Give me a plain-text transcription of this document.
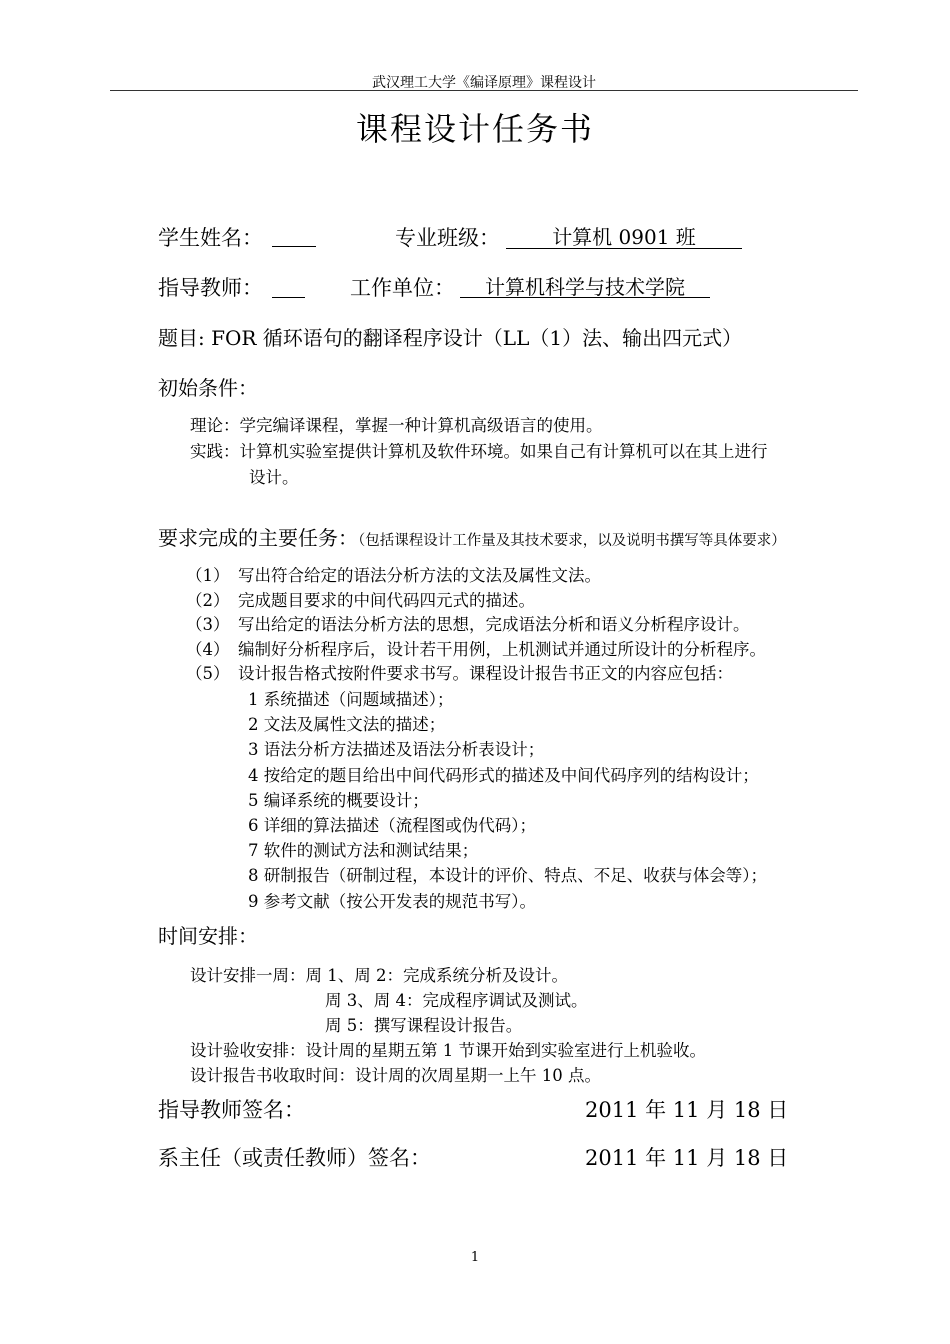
武汉理工大学《编译原理》课程设计
课程设计任务书
学生姓名：	专业班级：	计算机 0901 班
指导教师：	工作单位：	计算机科学与技术学院
题目: FOR 循环语句的翻译程序设计（LL（1）法、输出四元式）
初始条件：
理论：学完编译课程，掌握一种计算机高级语言的使用。
实践：计算机实验室提供计算机及软件环境。如果自己有计算机可以在其上进行
设计。
要求完成的主要任务：（包括课程设计工作量及其技术要求，以及说明书撰写等具体要求）
（1） 写出符合给定的语法分析方法的文法及属性文法。
（2） 完成题目要求的中间代码四元式的描述。
（3） 写出给定的语法分析方法的思想，完成语法分析和语义分析程序设计。
（4） 编制好分析程序后，设计若干用例，上机测试并通过所设计的分析程序。
（5） 设计报告格式按附件要求书写。课程设计报告书正文的内容应包括：
1 系统描述（问题域描述）；
2 文法及属性文法的描述；
3 语法分析方法描述及语法分析表设计；
4 按给定的题目给出中间代码形式的描述及中间代码序列的结构设计；
5 编译系统的概要设计；
6 详细的算法描述（流程图或伪代码）；
7 软件的测试方法和测试结果；
8 研制报告（研制过程，本设计的评价、特点、不足、收获与体会等）；
9 参考文献（按公开发表的规范书写）。
时间安排：
设计安排一周：周 1、周 2：完成系统分析及设计。
周 3、周 4：完成程序调试及测试。
周 5：撰写课程设计报告。
设计验收安排：设计周的星期五第 1 节课开始到实验室进行上机验收。
设计报告书收取时间：设计周的次周星期一上午 10 点。
指导教师签名：	2011 年 11 月 18 日
系主任（或责任教师）签名：	2011 年 11 月 18 日
1
